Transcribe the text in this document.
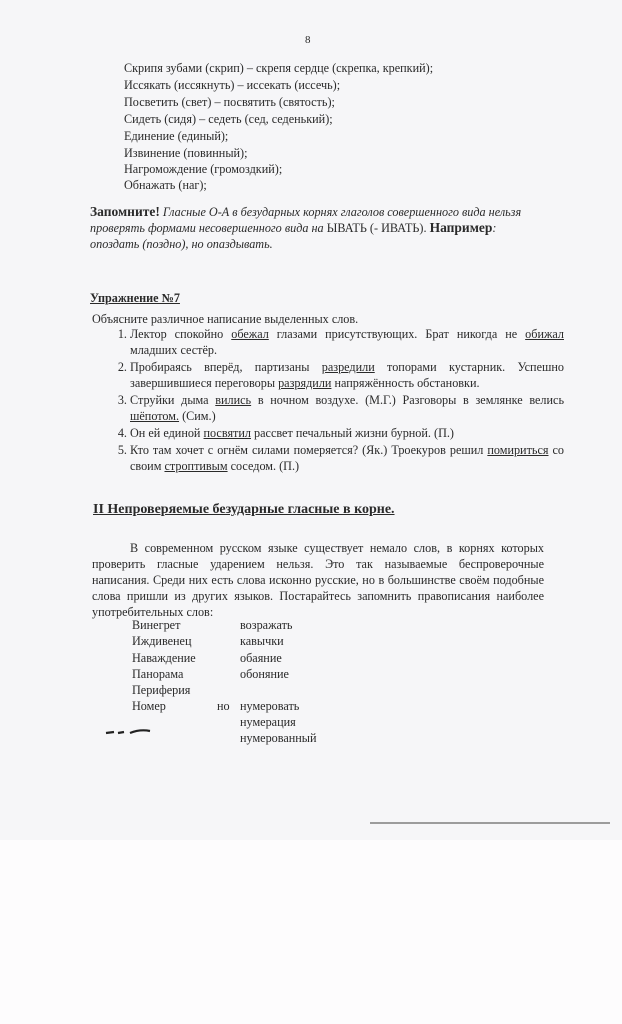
8
Скрипя зубами (скрип) – скрепя сердце (скрепка, крепкий);
Иссякать (иссякнуть) – иссекать (иссечь);
Посветить (свет) – посвятить (святость);
Сидеть (сидя) – седеть (сед, седенький);
Единение (единый);
Извинение (повинный);
Нагромождение (громоздкий);
Обнажать (наг);
Запомните! Гласные О-А в безударных корнях глаголов совершенного вида нельзя проверять формами несовершенного вида на ЫВАТЬ (- ИВАТЬ). Например: опоздать (поздно), но опаздывать.
Упражнение №7
Объясните различное написание выделенных слов.
1. Лектор спокойно обежал глазами присутствующих. Брат никогда не обижал младших сестёр.
2. Пробираясь вперёд, партизаны разредили топорами кустарник. Успешно завершившиеся переговоры разрядили напряжённость обстановки.
3. Струйки дыма вились в ночном воздухе. (М.Г.) Разговоры в землянке велись шёпотом. (Сим.)
4. Он ей единой посвятил рассвет печальный жизни бурной. (П.)
5. Кто там хочет с огнём силами померяется? (Як.) Троекуров решил помириться со своим строптивым соседом. (П.)
II Непроверяемые безударные гласные в корне.
В современном русском языке существует немало слов, в корнях которых проверить гласные ударением нельзя. Это так называемые беспроверочные написания. Среди них есть слова исконно русские, но в большинстве своём подобные слова пришли из других языков. Постарайтесь запомнить правописания наиболее употребительных слов:
Винегрет
Иждивенец
Наваждение
Панорама
Периферия
Номер	но
возражать
кавычки
обаяние
обоняние
нумеровать
нумерация
нумерованный
